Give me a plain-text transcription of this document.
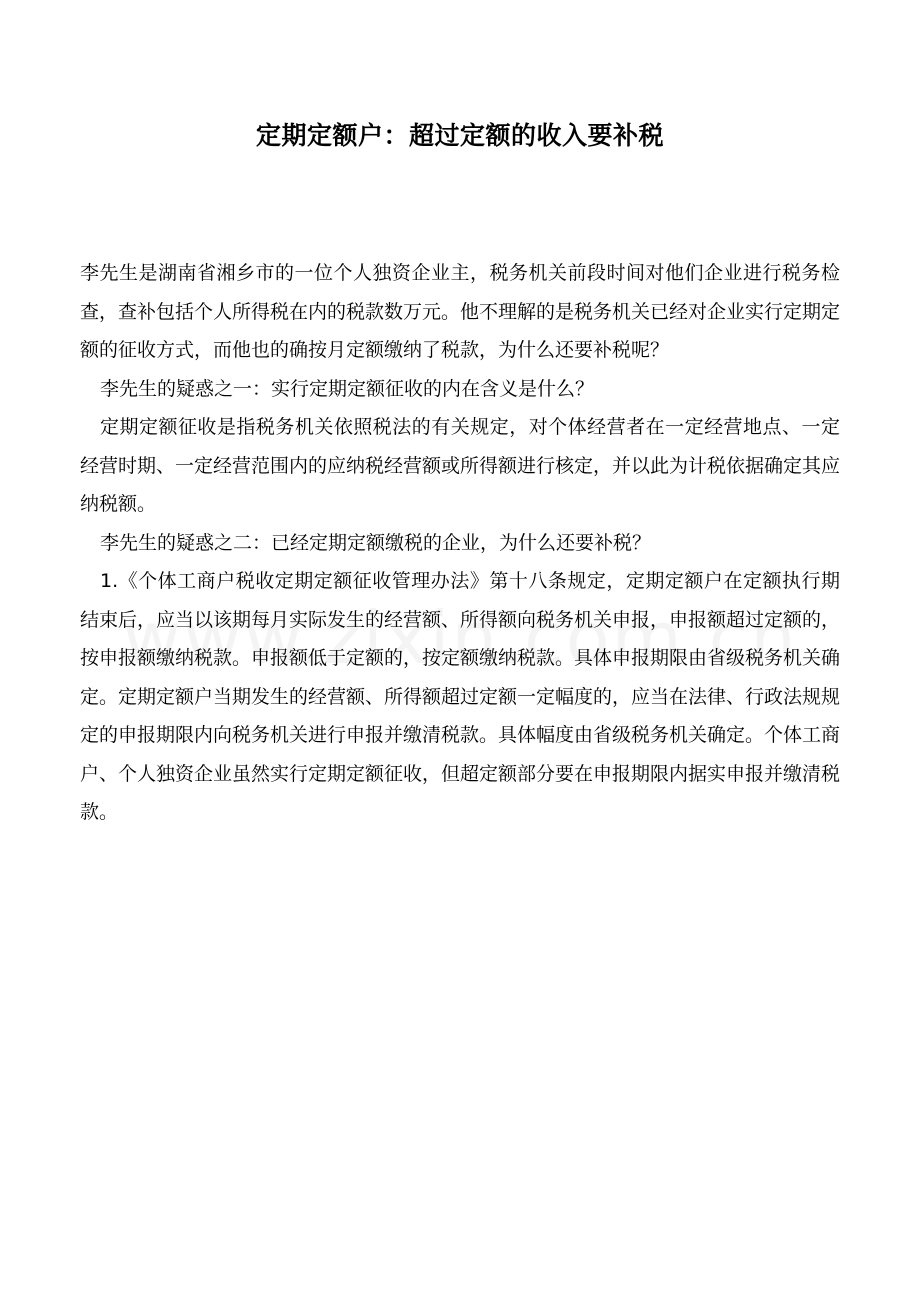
定期定额户：超过定额的收入要补税

李先生是湖南省湘乡市的一位个人独资企业主，税务机关前段时间对他们企业进行税务检查，查补包括个人所得税在内的税款数万元。他不理解的是税务机关已经对企业实行定期定额的征收方式，而他也的确按月定额缴纳了税款，为什么还要补税呢？

李先生的疑惑之一：实行定期定额征收的内在含义是什么？

定期定额征收是指税务机关依照税法的有关规定，对个体经营者在一定经营地点、一定经营时期、一定经营范围内的应纳税经营额或所得额进行核定，并以此为计税依据确定其应纳税额。

李先生的疑惑之二：已经定期定额缴税的企业，为什么还要补税？

1.《个体工商户税收定期定额征收管理办法》第十八条规定，定期定额户在定额执行期结束后，应当以该期每月实际发生的经营额、所得额向税务机关申报，申报额超过定额的，按申报额缴纳税款。申报额低于定额的，按定额缴纳税款。具体申报期限由省级税务机关确定。定期定额户当期发生的经营额、所得额超过定额一定幅度的，应当在法律、行政法规规定的申报期限内向税务机关进行申报并缴清税款。具体幅度由省级税务机关确定。个体工商户、个人独资企业虽然实行定期定额征收，但超定额部分要在申报期限内据实申报并缴清税款。
